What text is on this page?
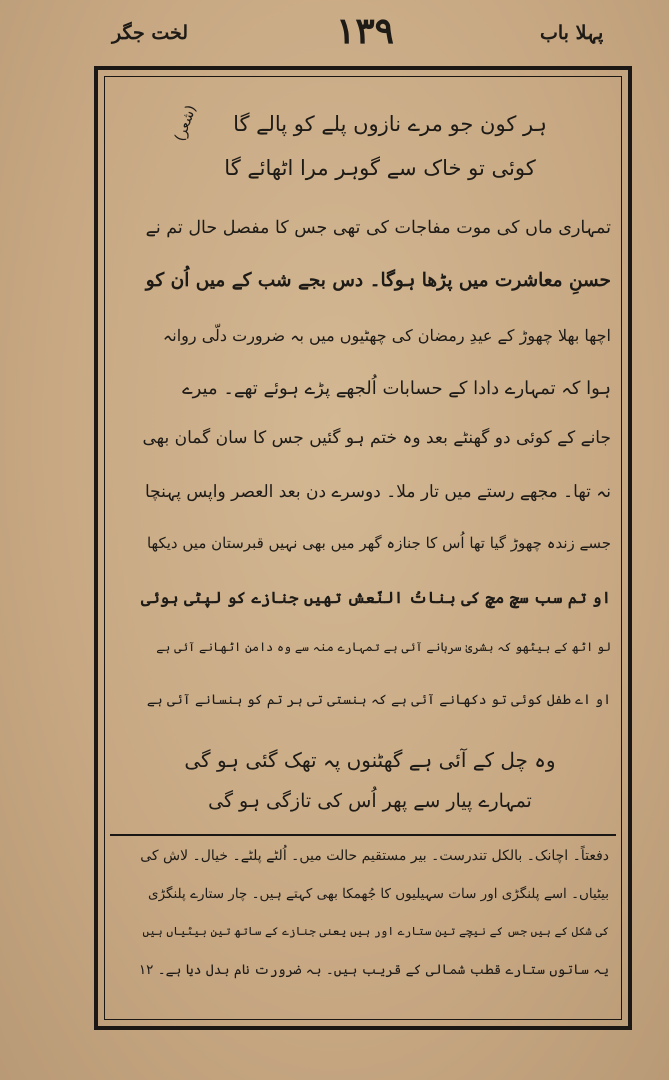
لخت جگر	۱۳۹	پہلا باب
(شعر) ہر کون جو مرے نازوں پلے کو پالے گا
کوئی تو خاک سے گوہر مرا اٹھائے گا
تمہاری ماں کی موت مفاجات کی تھی جس کا مفصل حال تم نے
حسنِ معاشرت میں پڑھا ہوگا۔ دس بجے شب کے میں اُن کو
اچھا بھلا چھوڑ کے عیدِ رمضان کی چھٹیوں میں بہ ضرورت دلّی روانہ
ہوا کہ تمہارے دادا کے حسابات اُلجھے پڑے ہوئے تھے۔ میرے
جانے کے کوئی دو گھنٹے بعد وہ ختم ہو گئیں جس کا سان گمان بھی
نہ تھا۔ مجھے رستے میں تار ملا۔ دوسرے دن بعد العصر واپس پہنچا
جسے زندہ چھوڑ گیا تھا اُس کا جنازہ گھر میں بھی نہیں قبرستان میں دیکھا
او تم سب سچ مچ کی بناتُ النّعش تھیں جنازے کو لپٹی ہوئی
لو اٹھ کے بیٹھو کہ بشریٰ سرہانے آئی ہے تمہارے منہ سے وہ دامن اٹھانے آئی ہے
او اے طفل کوئی تو دکھانے آئی ہے کہ ہنستی تی ہر تم کو ہنسانے آئی ہے
وہ چل کے آئی ہے گھٹنوں پہ تھک گئی ہو گی
تمہارے پیار سے پھر اُس کی تازگی ہو گی
دفعتاً۔ اچانک۔ بالکل تندرست۔ بیر مستقیم حالت میں۔ اُلٹے پلٹے۔ خیال۔ لاش کی
بیٹیاں۔ اسے پلنگڑی اور سات سہیلیوں کا جُھمکا بھی کہتے ہیں۔ چار ستارے پلنگڑی
کی شکل کے ہیں جس کے نیچے تین ستارے اور ہیں یعنی جنازے کے ساتھ تین بیٹیاں ہیں
یہ ساتوں ستارے قطب شمالی کے قریب ہیں۔ بہ ضرورت نام بدل دیا ہے۔ ۱۲
